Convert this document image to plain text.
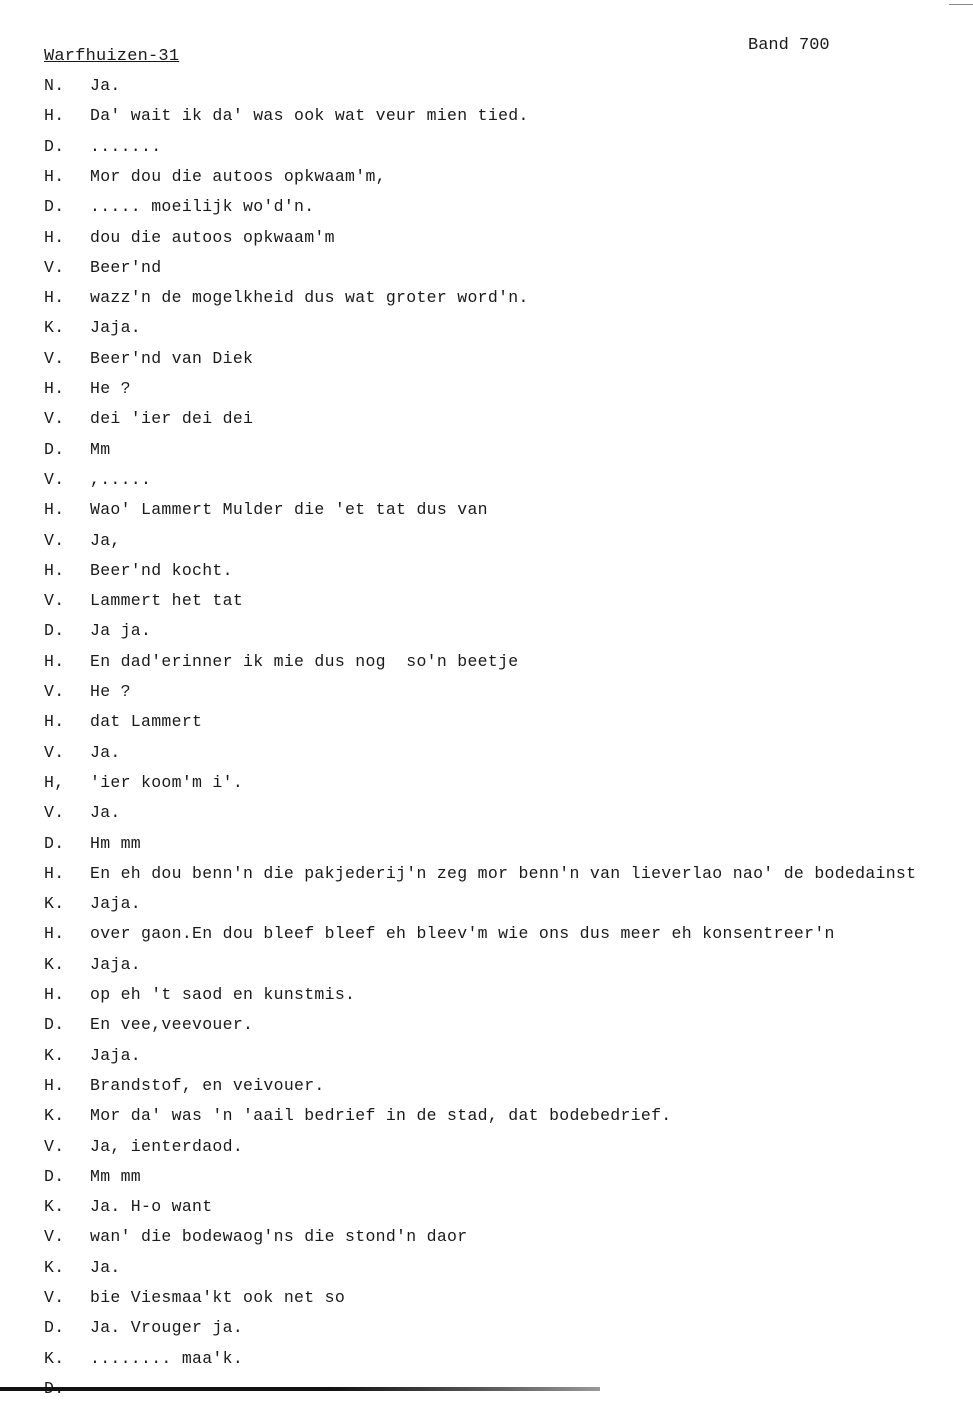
Warfhuizen-31
Band 700
N. Ja.
H. Da' wait ik da' was ook wat veur mien tied.
D. .......
H. Mor dou die autoos opkwaam'm,
D. ..... moeilijk wo'd'n.
H. dou die autoos opkwaam'm
V. Beer'nd
H. wazz'n de mogelkheid dus wat groter word'n.
K. Jaja.
V. Beer'nd van Diek
H. He ?
V. dei 'ier dei dei
D. Mm
V. ,.....
H. Wao' Lammert Mulder die 'et tat dus van
V. Ja,
H. Beer'nd kocht.
V. Lammert het tat
D. Ja ja.
H. En dad'erinner ik mie dus nog  so'n beetje
V. He ?
H. dat Lammert
V. Ja.
H, 'ier koom'm i'.
V. Ja.
D. Hm mm
H. En eh dou benn'n die pakjederij'n zeg mor benn'n van lieverlao nao' de bodedainst
K. Jaja.
H. over gaon.En dou bleef bleef eh bleev'm wie ons dus meer eh konsentreer'n
K. Jaja.
H. op eh 't saod en kunstmis.
D. En vee,veevouer.
K. Jaja.
H. Brandstof, en veivouer.
K. Mor da' was 'n 'aail bedrief in de stad, dat bodebedrief.
V. Ja, ienterdaod.
D. Mm mm
K. Ja. H-o want
V. wan' die bodewaog'ns die stond'n daor
K. Ja.
V. bie Viesmaa'kt ook net so
D. Ja. Vrouger ja.
K. ........ maa'k.
